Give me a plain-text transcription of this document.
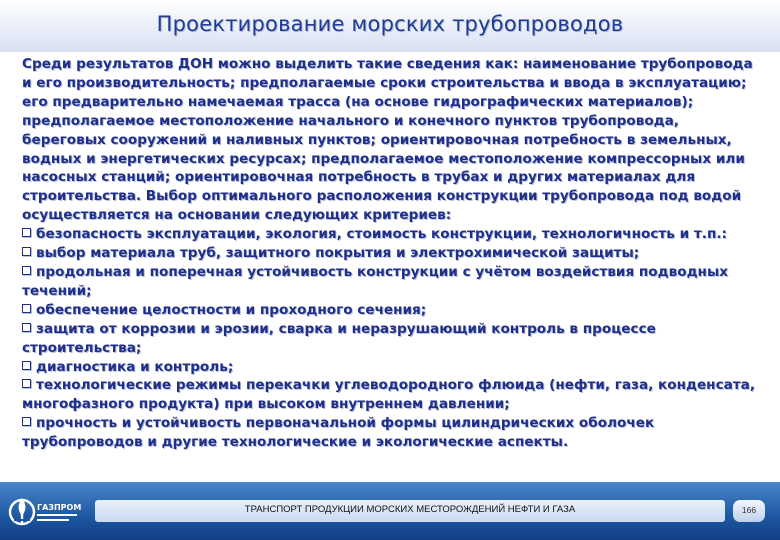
Проектирование морских трубопроводов

Среди результатов ДОН можно выделить такие сведения как: наименование трубопровода и его производительность; предполагаемые сроки строительства и ввода в эксплуатацию; его предварительно намечаемая трасса (на основе гидрографических материалов); предполагаемое местоположение начального и конечного пунктов трубопровода, береговых сооружений и наливных пунктов; ориентировочная потребность в земельных, водных и энергетических ресурсах; предполагаемое местоположение компрессорных или насосных станций; ориентировочная потребность в трубах и других материалах для строительства. Выбор оптимального расположения конструкции трубопровода под водой осуществляется на основании следующих критериев:

безопасность эксплуатации, экология, стоимость конструкции, технологичность и т.п.:
выбор материала труб, защитного покрытия и электрохимической защиты;
продольная и поперечная устойчивость конструкции с учётом воздействия подводных течений;
обеспечение целостности и проходного сечения;
защита от коррозии и эрозии, сварка и неразрушающий контроль в процессе строительства;
диагностика и контроль;
технологические режимы перекачки углеводородного флюида (нефти, газа, конденсата, многофазного продукта) при высоком внутреннем давлении;
прочность и устойчивость первоначальной формы цилиндрических оболочек трубопроводов и другие технологические и экологические аспекты.
ГАЗПРОМ	ТРАНСПОРТ ПРОДУКЦИИ МОРСКИХ МЕСТОРОЖДЕНИЙ НЕФТИ И ГАЗА	166
